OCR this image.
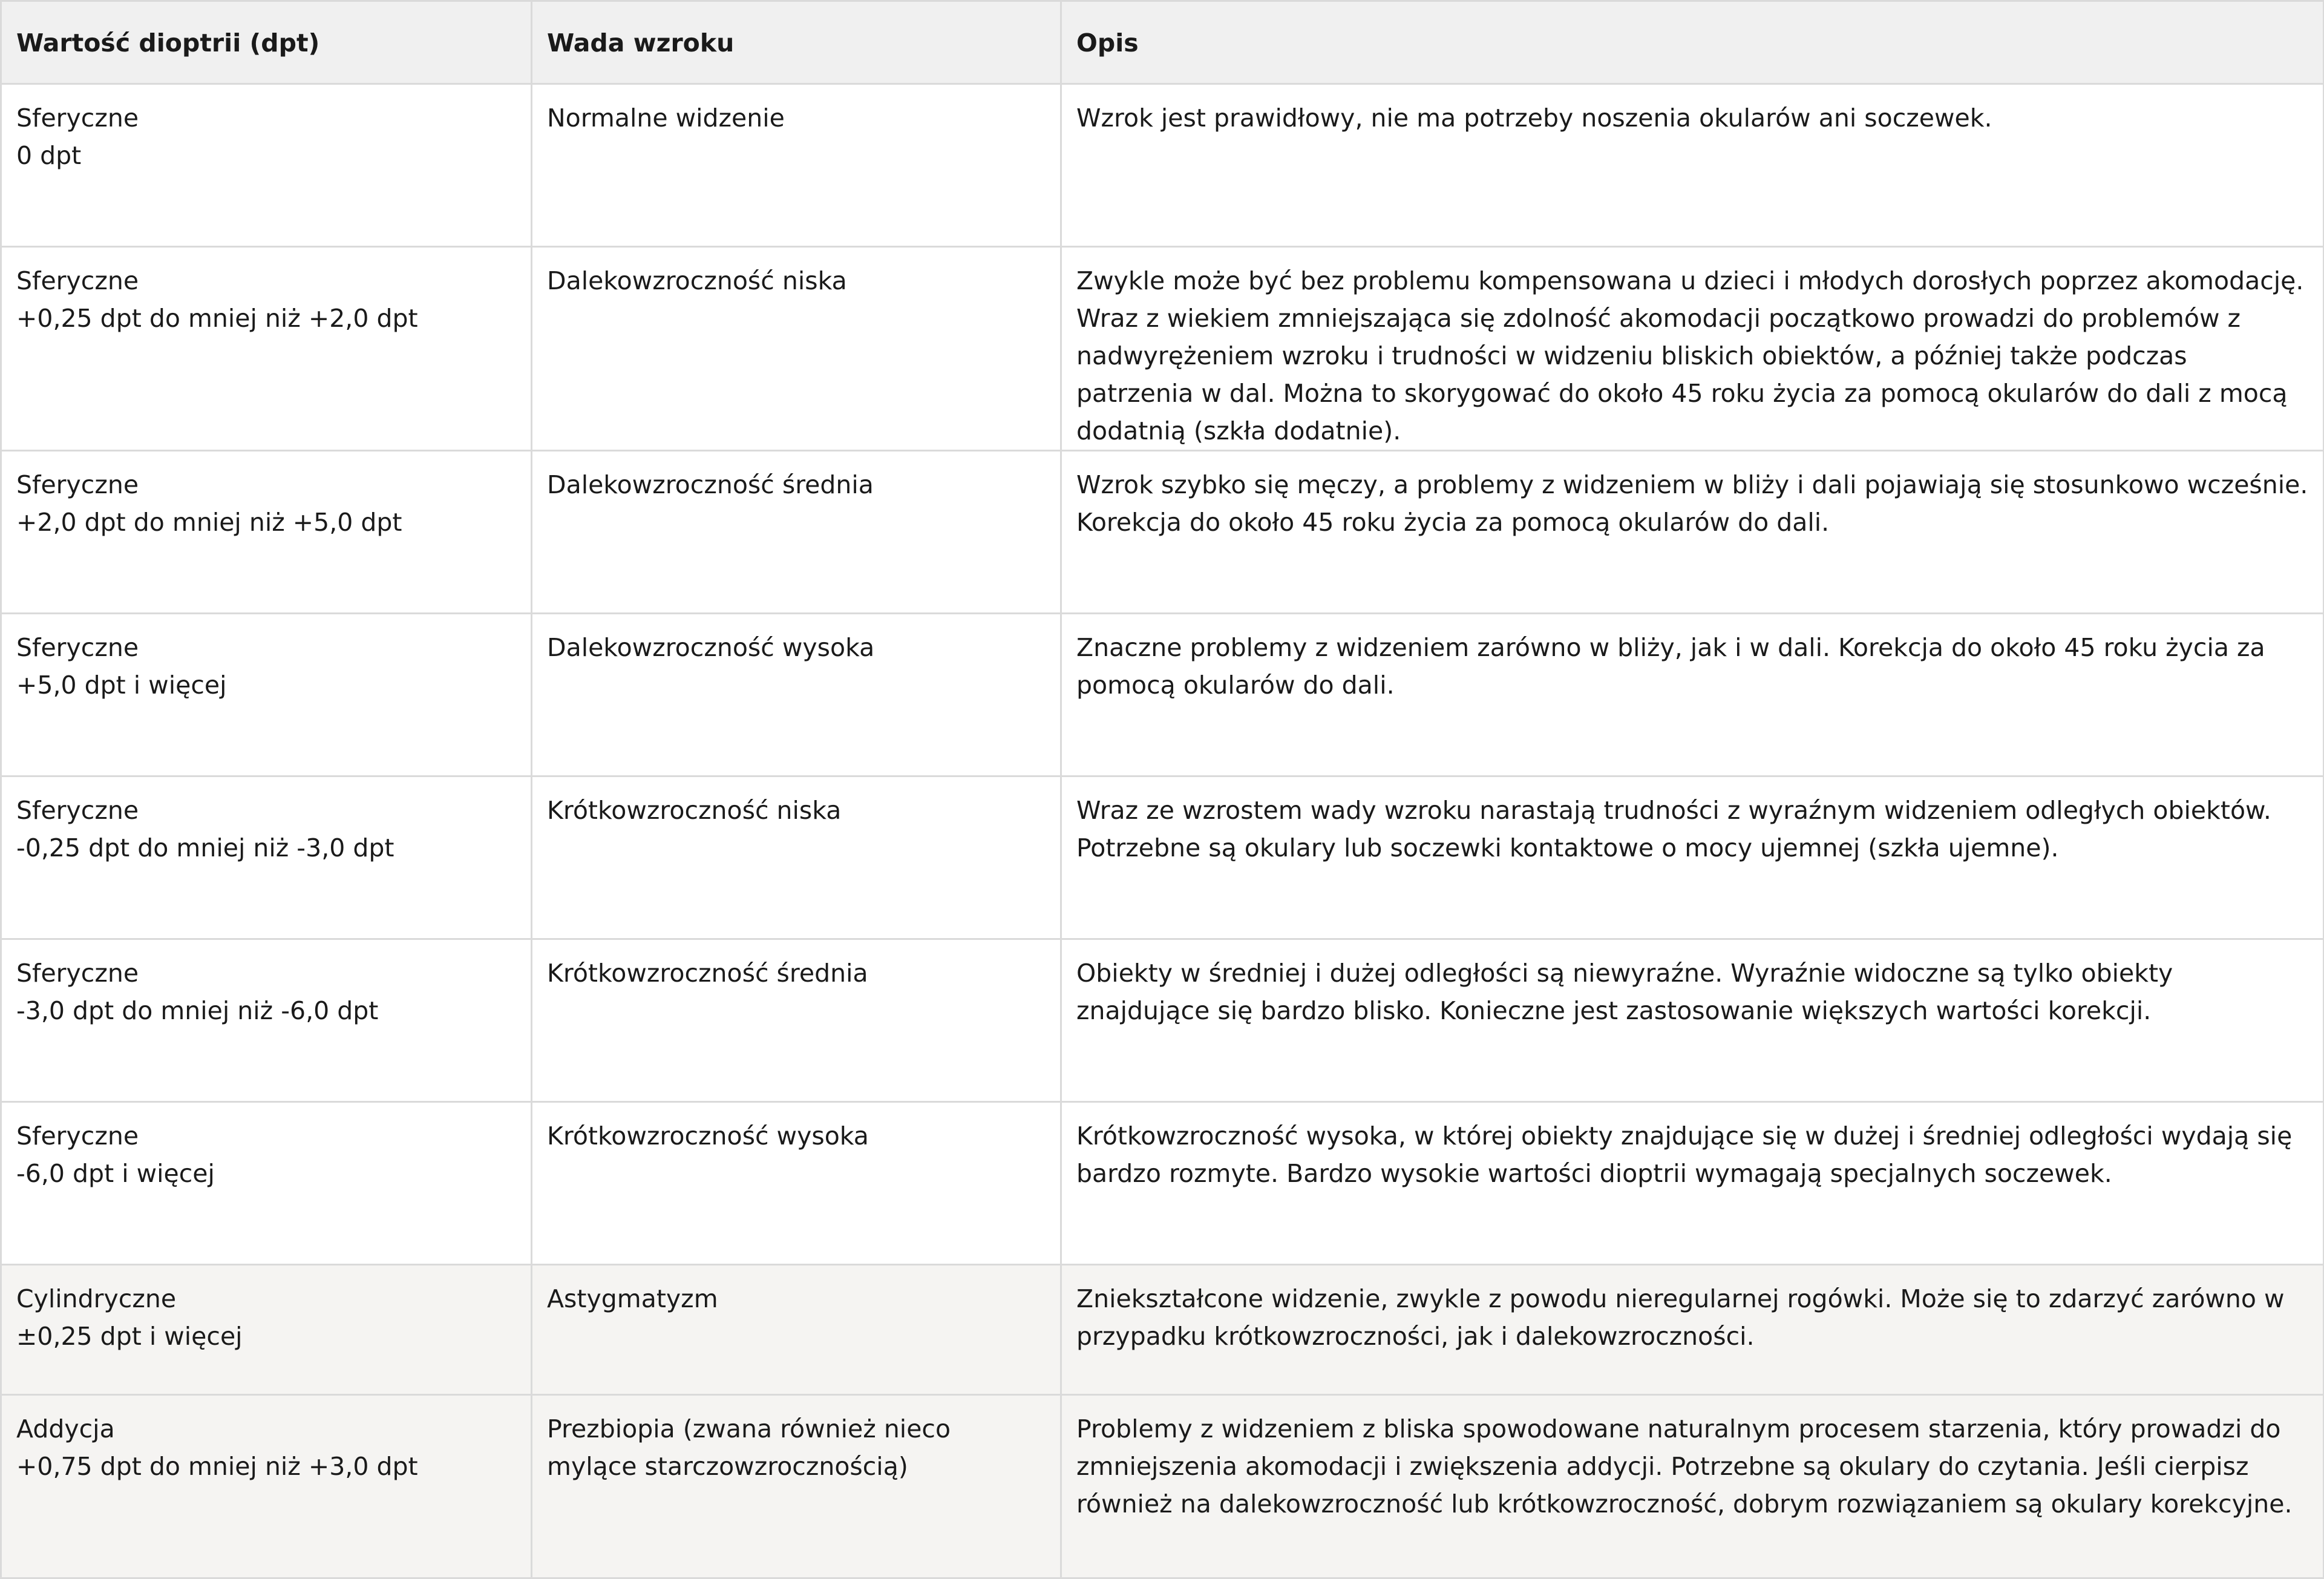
Wartość dioptrii (dpt)	Wada wzroku	Opis

Sferyczne
0 dpt	Normalne widzenie	Wzrok jest prawidłowy, nie ma potrzeby noszenia okularów ani soczewek.

Sferyczne
+0,25 dpt do mniej niż +2,0 dpt	Dalekowzroczność niska	Zwykle może być bez problemu kompensowana u dzieci i młodych dorosłych poprzez akomodację. Wraz z wiekiem zmniejszająca się zdolność akomodacji początkowo prowadzi do problemów z nadwyrężeniem wzroku i trudności w widzeniu bliskich obiektów, a później także podczas patrzenia w dal. Można to skorygować do około 45 roku życia za pomocą okularów do dali z mocą dodatnią (szkła dodatnie).

Sferyczne
+2,0 dpt do mniej niż +5,0 dpt	Dalekowzroczność średnia	Wzrok szybko się męczy, a problemy z widzeniem w bliży i dali pojawiają się stosunkowo wcześnie. Korekcja do około 45 roku życia za pomocą okularów do dali.

Sferyczne
+5,0 dpt i więcej	Dalekowzroczność wysoka	Znaczne problemy z widzeniem zarówno w bliży, jak i w dali. Korekcja do około 45 roku życia za pomocą okularów do dali.

Sferyczne
-0,25 dpt do mniej niż -3,0 dpt	Krótkowzroczność niska	Wraz ze wzrostem wady wzroku narastają trudności z wyraźnym widzeniem odległych obiektów. Potrzebne są okulary lub soczewki kontaktowe o mocy ujemnej (szkła ujemne).

Sferyczne
-3,0 dpt do mniej niż -6,0 dpt	Krótkowzroczność średnia	Obiekty w średniej i dużej odległości są niewyraźne. Wyraźnie widoczne są tylko obiekty znajdujące się bardzo blisko. Konieczne jest zastosowanie większych wartości korekcji.

Sferyczne
-6,0 dpt i więcej	Krótkowzroczność wysoka	Krótkowzroczność wysoka, w której obiekty znajdujące się w dużej i średniej odległości wydają się bardzo rozmyte. Bardzo wysokie wartości dioptrii wymagają specjalnych soczewek.

Cylindryczne
±0,25 dpt i więcej	Astygmatyzm	Zniekształcone widzenie, zwykle z powodu nieregularnej rogówki. Może się to zdarzyć zarówno w przypadku krótkowzroczności, jak i dalekowzroczności.

Addycja
+0,75 dpt do mniej niż +3,0 dpt	Prezbiopia (zwana również nieco mylące starczowzrocznością)	Problemy z widzeniem z bliska spowodowane naturalnym procesem starzenia, który prowadzi do zmniejszenia akomodacji i zwiększenia addycji. Potrzebne są okulary do czytania. Jeśli cierpisz również na dalekowzroczność lub krótkowzroczność, dobrym rozwiązaniem są okulary korekcyjne.
